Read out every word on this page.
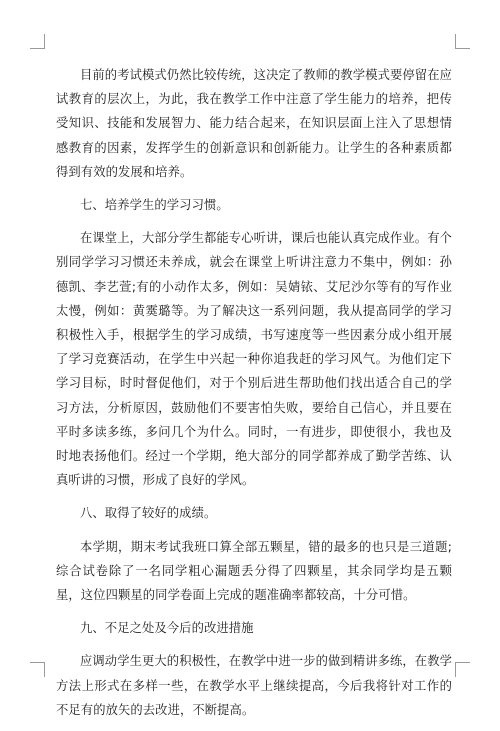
目前的考试模式仍然比较传统，这决定了教师的教学模式要停留在应试教育的层次上，为此，我在教学工作中注意了学生能力的培养，把传受知识、技能和发展智力、能力结合起来，在知识层面上注入了思想情感教育的因素，发挥学生的创新意识和创新能力。让学生的各种素质都得到有效的发展和培养。

七、培养学生的学习习惯。

在课堂上，大部分学生都能专心听讲，课后也能认真完成作业。有个别同学学习习惯还未养成，就会在课堂上听讲注意力不集中，例如：孙德凯、李艺萱;有的小动作太多，例如：吴婧铱、艾尼沙尔等有的写作业太慢，例如：黄霙璐等。为了解决这一系列问题，我从提高同学的学习积极性入手，根据学生的学习成绩，书写速度等一些因素分成小组开展了学习竞赛活动，在学生中兴起一种你追我赶的学习风气。为他们定下学习目标，时时督促他们，对于个别后进生帮助他们找出适合自己的学习方法，分析原因，鼓励他们不要害怕失败，要给自己信心，并且要在平时多读多练，多问几个为什么。同时，一有进步，即使很小，我也及时地表扬他们。经过一个学期，绝大部分的同学都养成了勤学苦练、认真听讲的习惯，形成了良好的学风。

八、取得了较好的成绩。

本学期，期末考试我班口算全部五颗星，错的最多的也只是三道题;综合试卷除了一名同学粗心漏题丢分得了四颗星，其余同学均是五颗星，这位四颗星的同学卷面上完成的题准确率都较高，十分可惜。

九、不足之处及今后的改进措施

应调动学生更大的积极性，在教学中进一步的做到精讲多练，在教学方法上形式在多样一些，在教学水平上继续提高，今后我将针对工作的不足有的放矢的去改进，不断提高。
